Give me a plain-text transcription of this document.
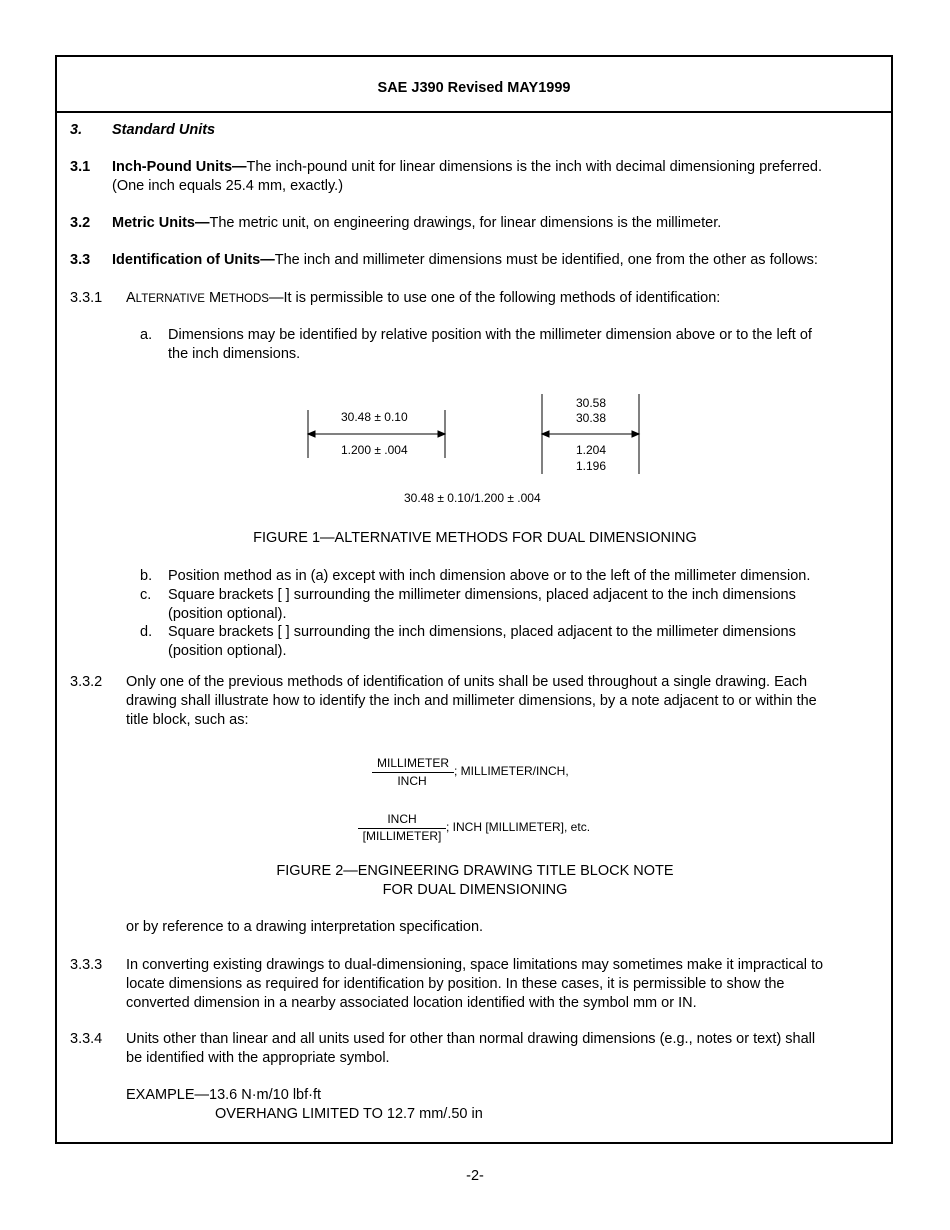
SAE J390 Revised MAY1999
3. Standard Units
3.1 Inch-Pound Units—The inch-pound unit for linear dimensions is the inch with decimal dimensioning preferred.
(One inch equals 25.4 mm, exactly.)
3.2 Metric Units—The metric unit, on engineering drawings, for linear dimensions is the millimeter.
3.3 Identification of Units—The inch and millimeter dimensions must be identified, one from the other as follows:
3.3.1 ALTERNATIVE METHODS—It is permissible to use one of the following methods of identification:
a. Dimensions may be identified by relative position with the millimeter dimension above or to the left of
the inch dimensions.
30.48 ± 0.10
1.200 ± .004
30.58
30.38
1.204
1.196
30.48 ± 0.10/1.200 ± .004
FIGURE 1—ALTERNATIVE METHODS FOR DUAL DIMENSIONING
b. Position method as in (a) except with inch dimension above or to the left of the millimeter dimension.
c. Square brackets [ ] surrounding the millimeter dimensions, placed adjacent to the inch dimensions
(position optional).
d. Square brackets [ ] surrounding the inch dimensions, placed adjacent to the millimeter dimensions
(position optional).
3.3.2 Only one of the previous methods of identification of units shall be used throughout a single drawing. Each
drawing shall illustrate how to identify the inch and millimeter dimensions, by a note adjacent to or within the
title block, such as:
MILLIMETER
INCH
; MILLIMETER/INCH,
INCH
[MILLIMETER]
; INCH [MILLIMETER], etc.
FIGURE 2—ENGINEERING DRAWING TITLE BLOCK NOTE
FOR DUAL DIMENSIONING
or by reference to a drawing interpretation specification.
3.3.3 In converting existing drawings to dual-dimensioning, space limitations may sometimes make it impractical to
locate dimensions as required for identification by position. In these cases, it is permissible to show the
converted dimension in a nearby associated location identified with the symbol mm or IN.
3.3.4 Units other than linear and all units used for other than normal drawing dimensions (e.g., notes or text) shall
be identified with the appropriate symbol.
EXAMPLE—13.6 N·m/10 lbf·ft
OVERHANG LIMITED TO 12.7 mm/.50 in
-2-
